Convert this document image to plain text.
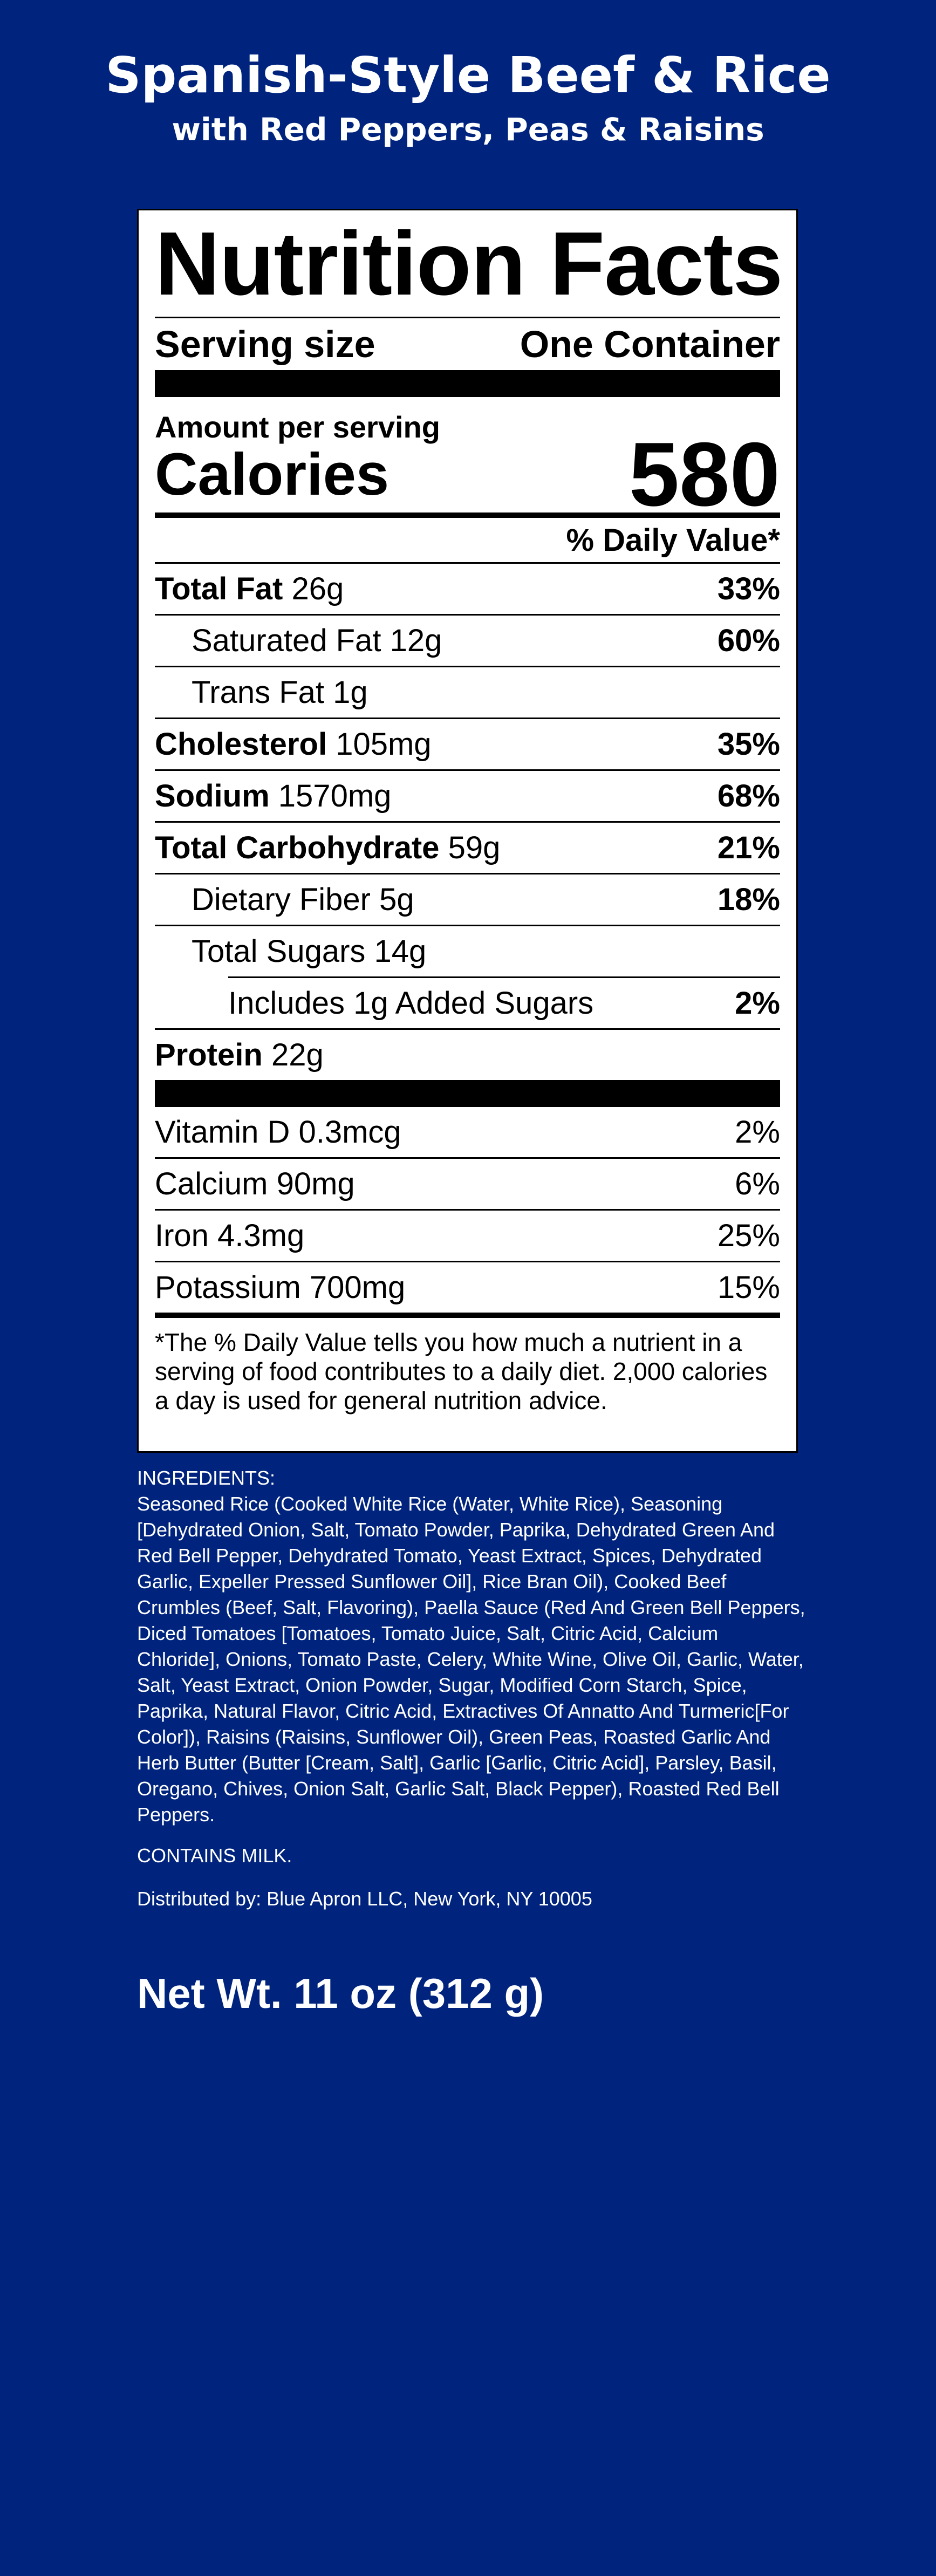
Spanish-Style Beef & Rice
with Red Peppers, Peas & Raisins
Nutrition Facts
Serving size	One Container
Amount per serving
Calories	580
% Daily Value*
Total Fat 26g	33%
Saturated Fat 12g	60%
Trans Fat 1g
Cholesterol 105mg	35%
Sodium 1570mg	68%
Total Carbohydrate 59g	21%
Dietary Fiber 5g	18%
Total Sugars 14g
Includes 1g Added Sugars	2%
Protein 22g
Vitamin D 0.3mcg	2%
Calcium 90mg	6%
Iron 4.3mg	25%
Potassium 700mg	15%
*The % Daily Value tells you how much a nutrient in a serving of food contributes to a daily diet. 2,000 calories a day is used for general nutrition advice.
INGREDIENTS:
Seasoned Rice (Cooked White Rice (Water, White Rice), Seasoning [Dehydrated Onion, Salt, Tomato Powder, Paprika, Dehydrated Green And Red Bell Pepper, Dehydrated Tomato, Yeast Extract, Spices, Dehydrated Garlic, Expeller Pressed Sunflower Oil], Rice Bran Oil), Cooked Beef Crumbles (Beef, Salt, Flavoring), Paella Sauce (Red And Green Bell Peppers, Diced Tomatoes [Tomatoes, Tomato Juice, Salt, Citric Acid, Calcium Chloride], Onions, Tomato Paste, Celery, White Wine, Olive Oil, Garlic, Water, Salt, Yeast Extract, Onion Powder, Sugar, Modified Corn Starch, Spice, Paprika, Natural Flavor, Citric Acid, Extractives Of Annatto And Turmeric[For Color]), Raisins (Raisins, Sunflower Oil), Green Peas, Roasted Garlic And Herb Butter (Butter [Cream, Salt], Garlic [Garlic, Citric Acid], Parsley, Basil, Oregano, Chives, Onion Salt, Garlic Salt, Black Pepper), Roasted Red Bell Peppers.
CONTAINS MILK.
Distributed by: Blue Apron LLC, New York, NY 10005
Net Wt. 11 oz (312 g)
